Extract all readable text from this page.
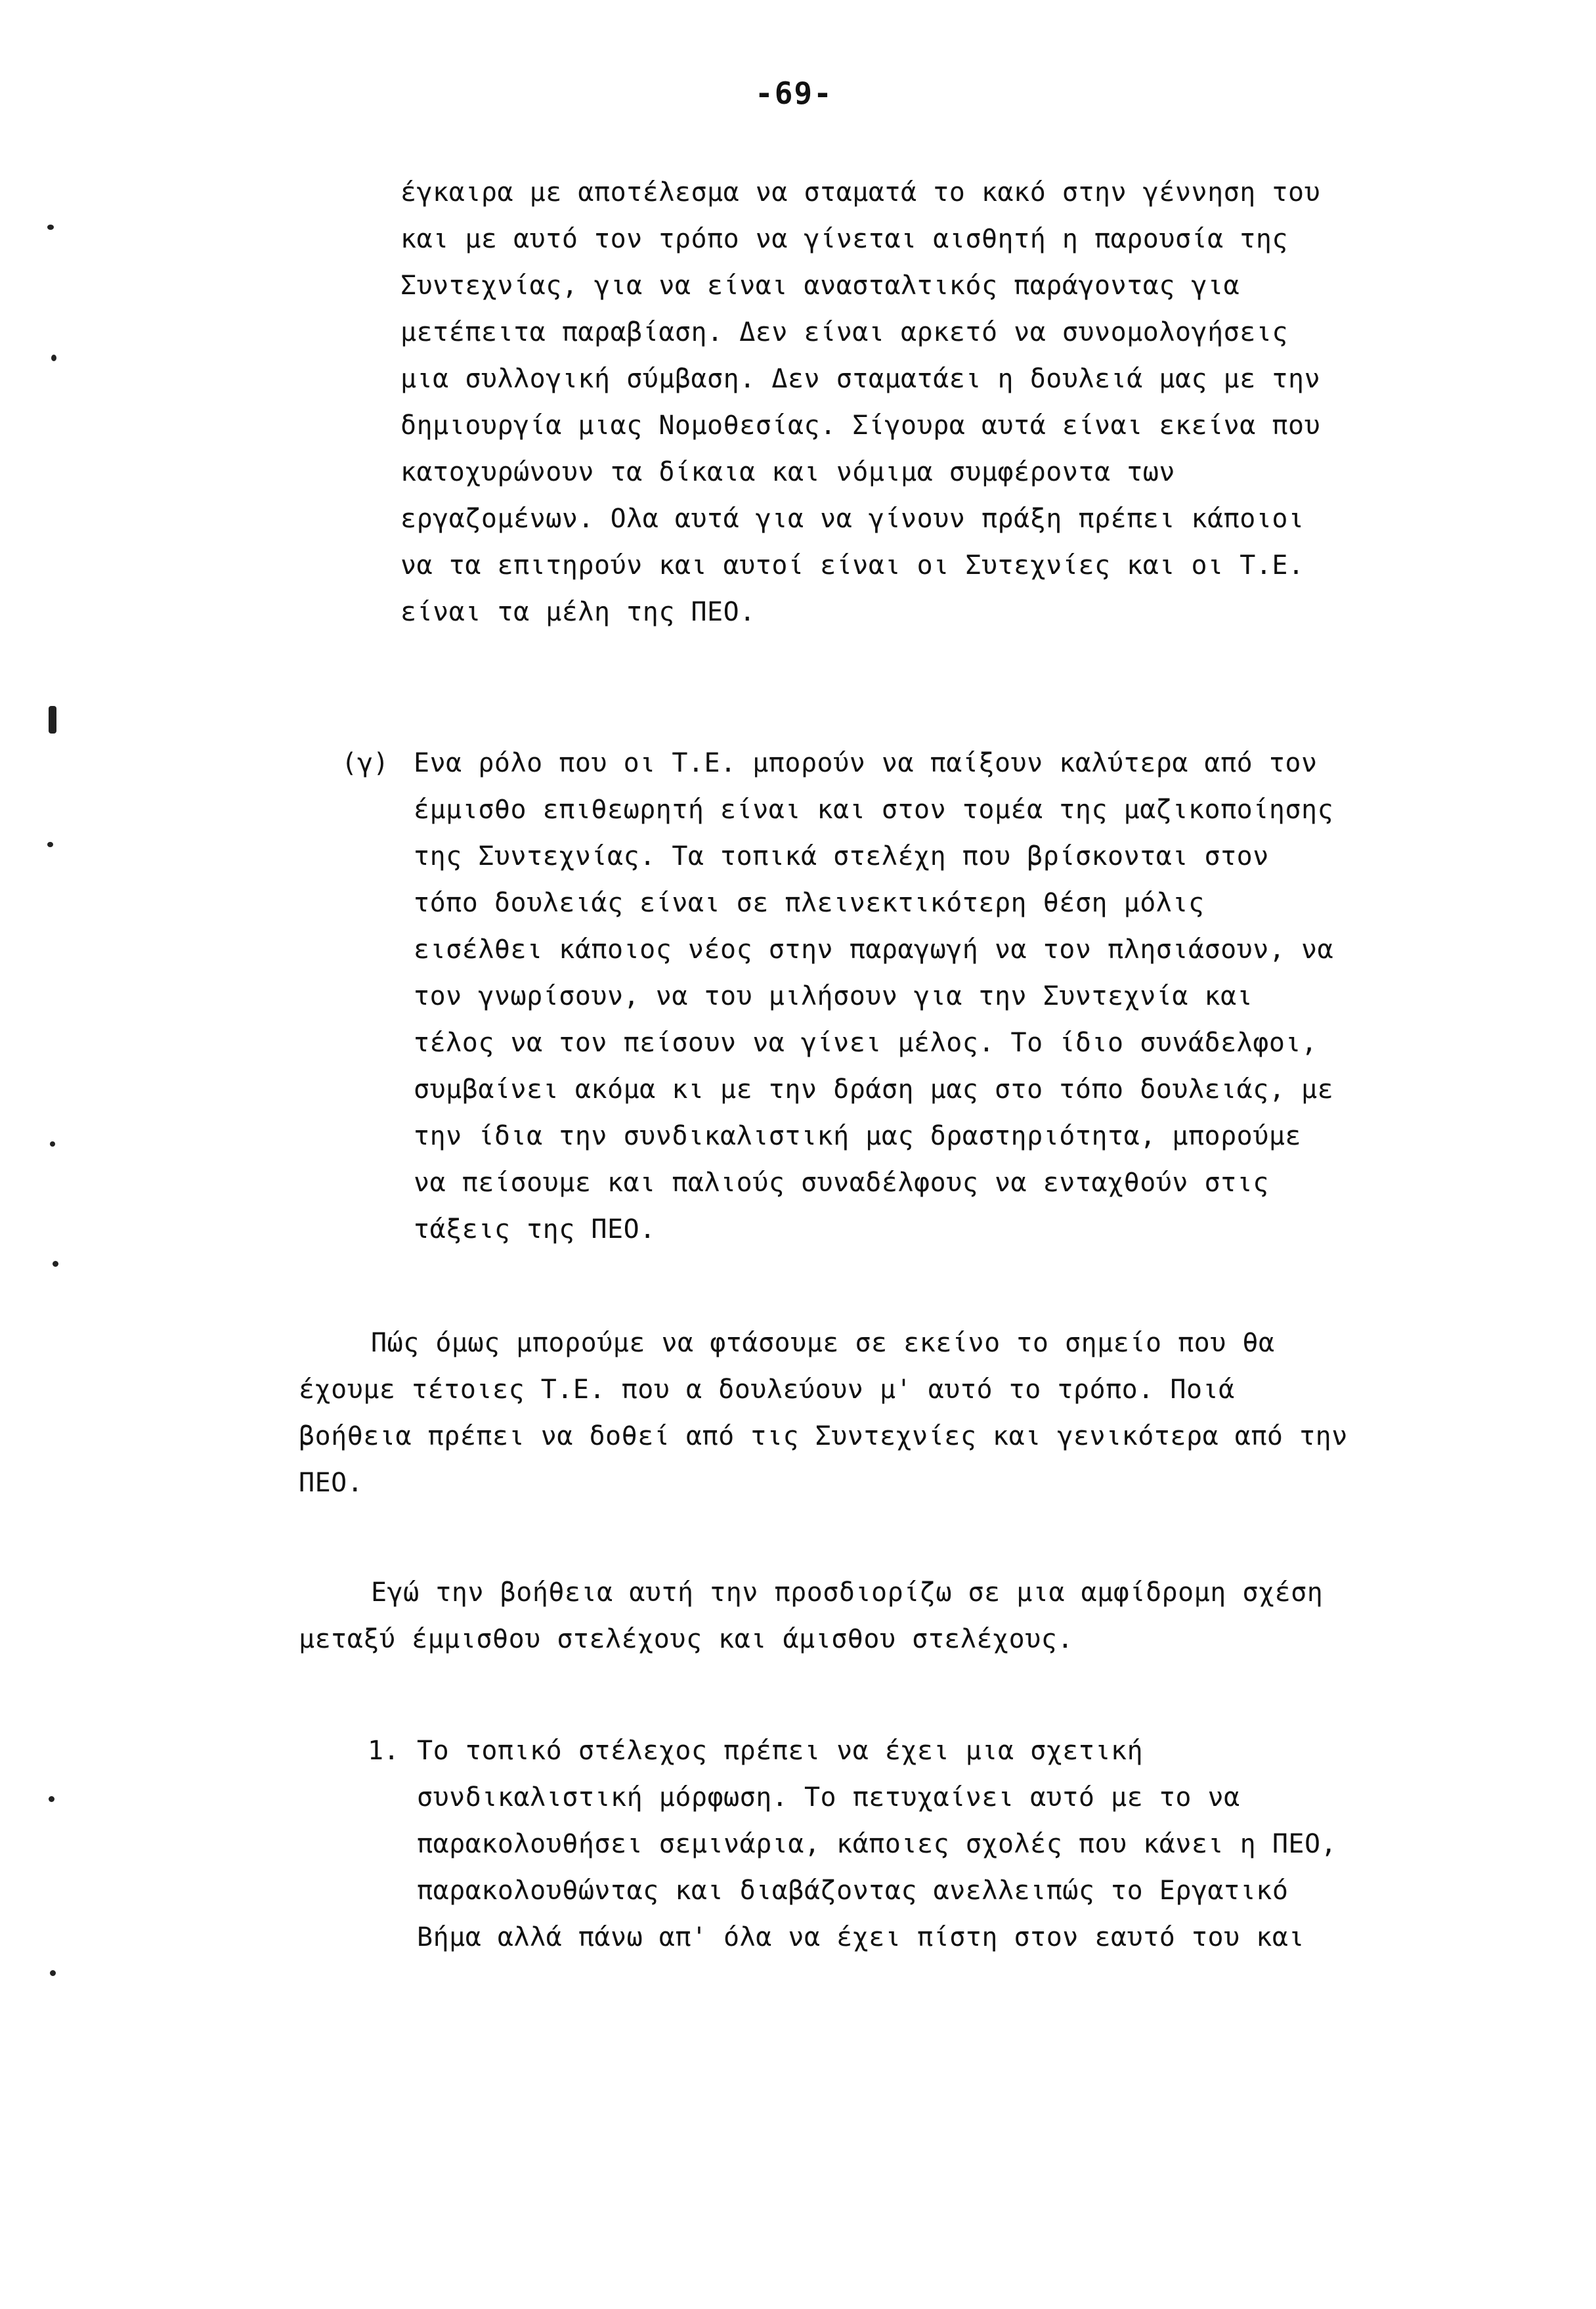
-69-
έγκαιρα με αποτέλεσμα να σταματά το κακό στην γέννηση του
και με αυτό τον τρόπο να γίνεται αισθητή η παρουσία της
Συντεχνίας, για να είναι ανασταλτικός παράγοντας για
μετέπειτα παραβίαση. Δεν είναι αρκετό να συνομολογήσεις
μια συλλογική σύμβαση. Δεν σταματάει η δουλειά μας με την
δημιουργία μιας Νομοθεσίας. Σίγουρα αυτά είναι εκείνα που
κατοχυρώνουν τα δίκαια και νόμιμα συμφέροντα των
εργαζομένων. Ολα αυτά για να γίνουν πράξη πρέπει κάποιοι
να τα επιτηρούν και αυτοί είναι οι Συτεχνίες και οι Τ.Ε.
είναι τα μέλη της ΠΕΟ.
(γ) Ενα ρόλο που οι Τ.Ε. μπορούν να παίξουν καλύτερα από τον
έμμισθο επιθεωρητή είναι και στον τομέα της μαζικοποίησης
της Συντεχνίας. Τα τοπικά στελέχη που βρίσκονται στον
τόπο δουλειάς είναι σε πλεινεκτικότερη θέση μόλις
εισέλθει κάποιος νέος στην παραγωγή να τον πλησιάσουν, να
τον γνωρίσουν, να του μιλήσουν για την Συντεχνία και
τέλος να τον πείσουν να γίνει μέλος. Το ίδιο συνάδελφοι,
συμβαίνει ακόμα κι με την δράση μας στο τόπο δουλειάς, με
την ίδια την συνδικαλιστική μας δραστηριότητα, μπορούμε
να πείσουμε και παλιούς συναδέλφους να ενταχθούν στις
τάξεις της ΠΕΟ.
Πώς όμως μπορούμε να φτάσουμε σε εκείνο το σημείο που θα
έχουμε τέτοιες Τ.Ε. που α δουλεύουν μ' αυτό το τρόπο. Ποιά
βοήθεια πρέπει να δοθεί από τις Συντεχνίες και γενικότερα από την
ΠΕΟ.
Εγώ την βοήθεια αυτή την προσδιορίζω σε μια αμφίδρομη σχέση
μεταξύ έμμισθου στελέχους και άμισθου στελέχους.
1. Το τοπικό στέλεχος πρέπει να έχει μια σχετική
συνδικαλιστική μόρφωση. Το πετυχαίνει αυτό με το να
παρακολουθήσει σεμινάρια, κάποιες σχολές που κάνει η ΠΕΟ,
παρακολουθώντας και διαβάζοντας ανελλειπώς το Εργατικό
Βήμα αλλά πάνω απ' όλα να έχει πίστη στον εαυτό του και
